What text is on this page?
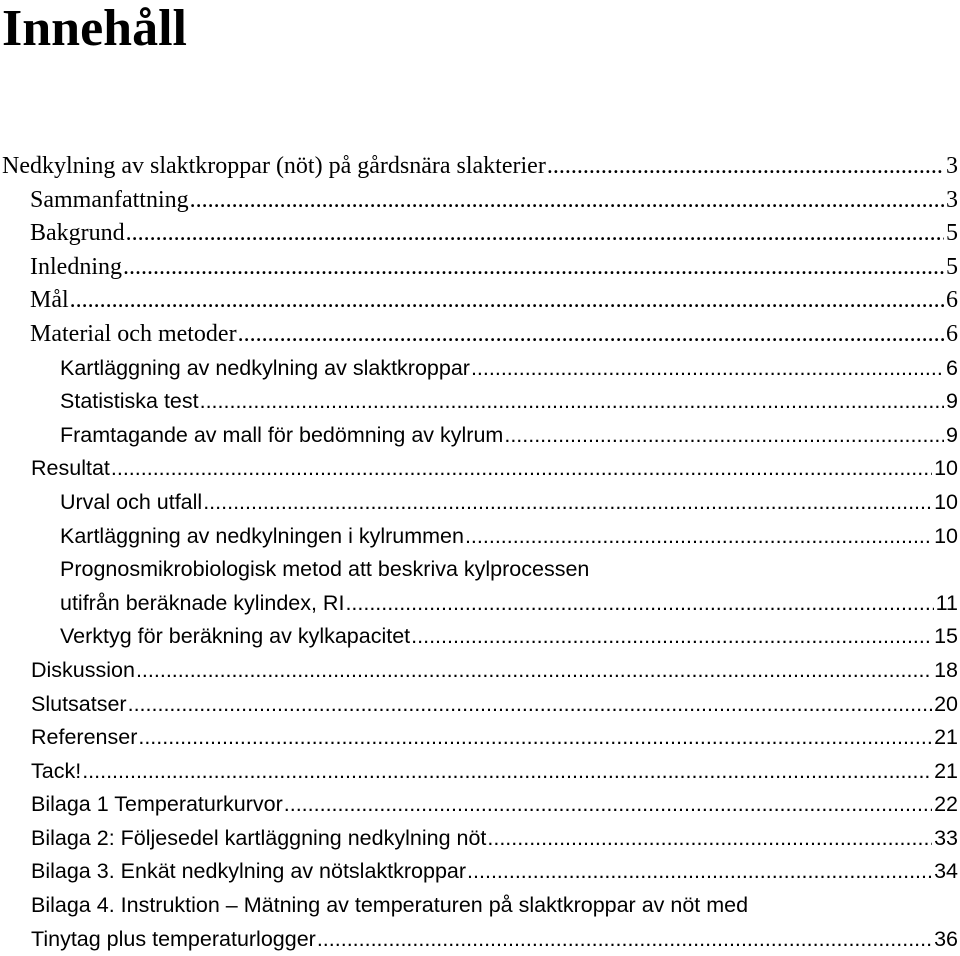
Innehåll
Nedkylning av slaktkroppar (nöt) på gårdsnära slakterier .....	3
Sammanfattning .....	3
Bakgrund .....	5
Inledning .....	5
Mål .....	6
Material och metoder .....	6
Kartläggning av nedkylning av slaktkroppar .....	6
Statistiska test .....	9
Framtagande av mall för bedömning av kylrum .....	9
Resultat .....	10
Urval och utfall .....	10
Kartläggning av nedkylningen i kylrummen .....	10
Prognosmikrobiologisk metod att beskriva kylprocessen
utifrån beräknade kylindex, RI .....	11
Verktyg för beräkning av kylkapacitet .....	15
Diskussion .....	18
Slutsatser .....	20
Referenser .....	21
Tack! .....	21
Bilaga 1 Temperaturkurvor .....	22
Bilaga 2: Följesedel kartläggning nedkylning nöt .....	33
Bilaga 3. Enkät nedkylning av nötslaktkroppar .....	34
Bilaga 4. Instruktion – Mätning av temperaturen på slaktkroppar av nöt med
Tinytag plus temperaturlogger .....	36
